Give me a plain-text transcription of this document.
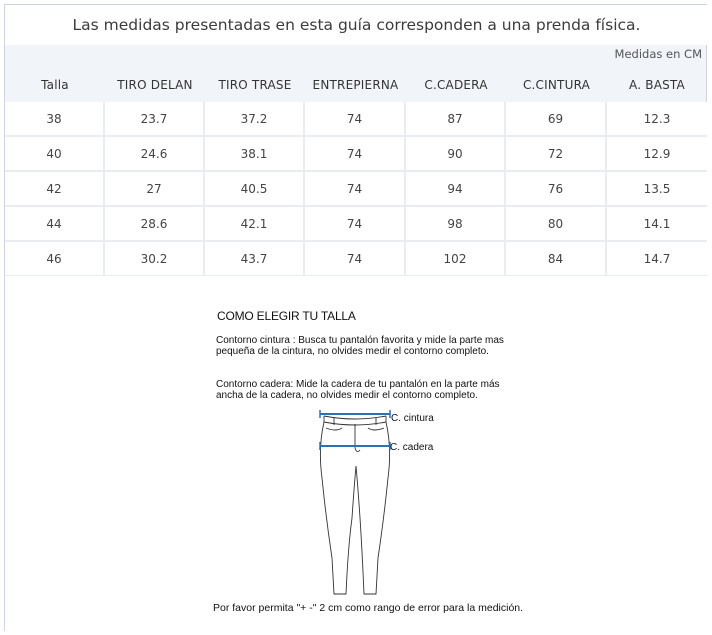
Las medidas presentadas en esta guía corresponden a una prenda física.
Medidas en CM
Talla	TIRO DELAN	TIRO TRASE	ENTREPIERNA	C.CADERA	C.CINTURA	A. BASTA
38	23.7	37.2	74	87	69	12.3
40	24.6	38.1	74	90	72	12.9
42	27	40.5	74	94	76	13.5
44	28.6	42.1	74	98	80	14.1
46	30.2	43.7	74	102	84	14.7
COMO ELEGIR TU TALLA
Contorno cintura : Busca tu pantalón favorita y mide la parte mas pequeña de la cintura, no olvides medir el contorno completo.
Contorno cadera: Mide la cadera de tu pantalón en la parte más ancha de la cadera, no olvides medir el contorno completo.
C. cintura
C. cadera
Por favor permita "+ -" 2 cm como rango de error para la medición.
